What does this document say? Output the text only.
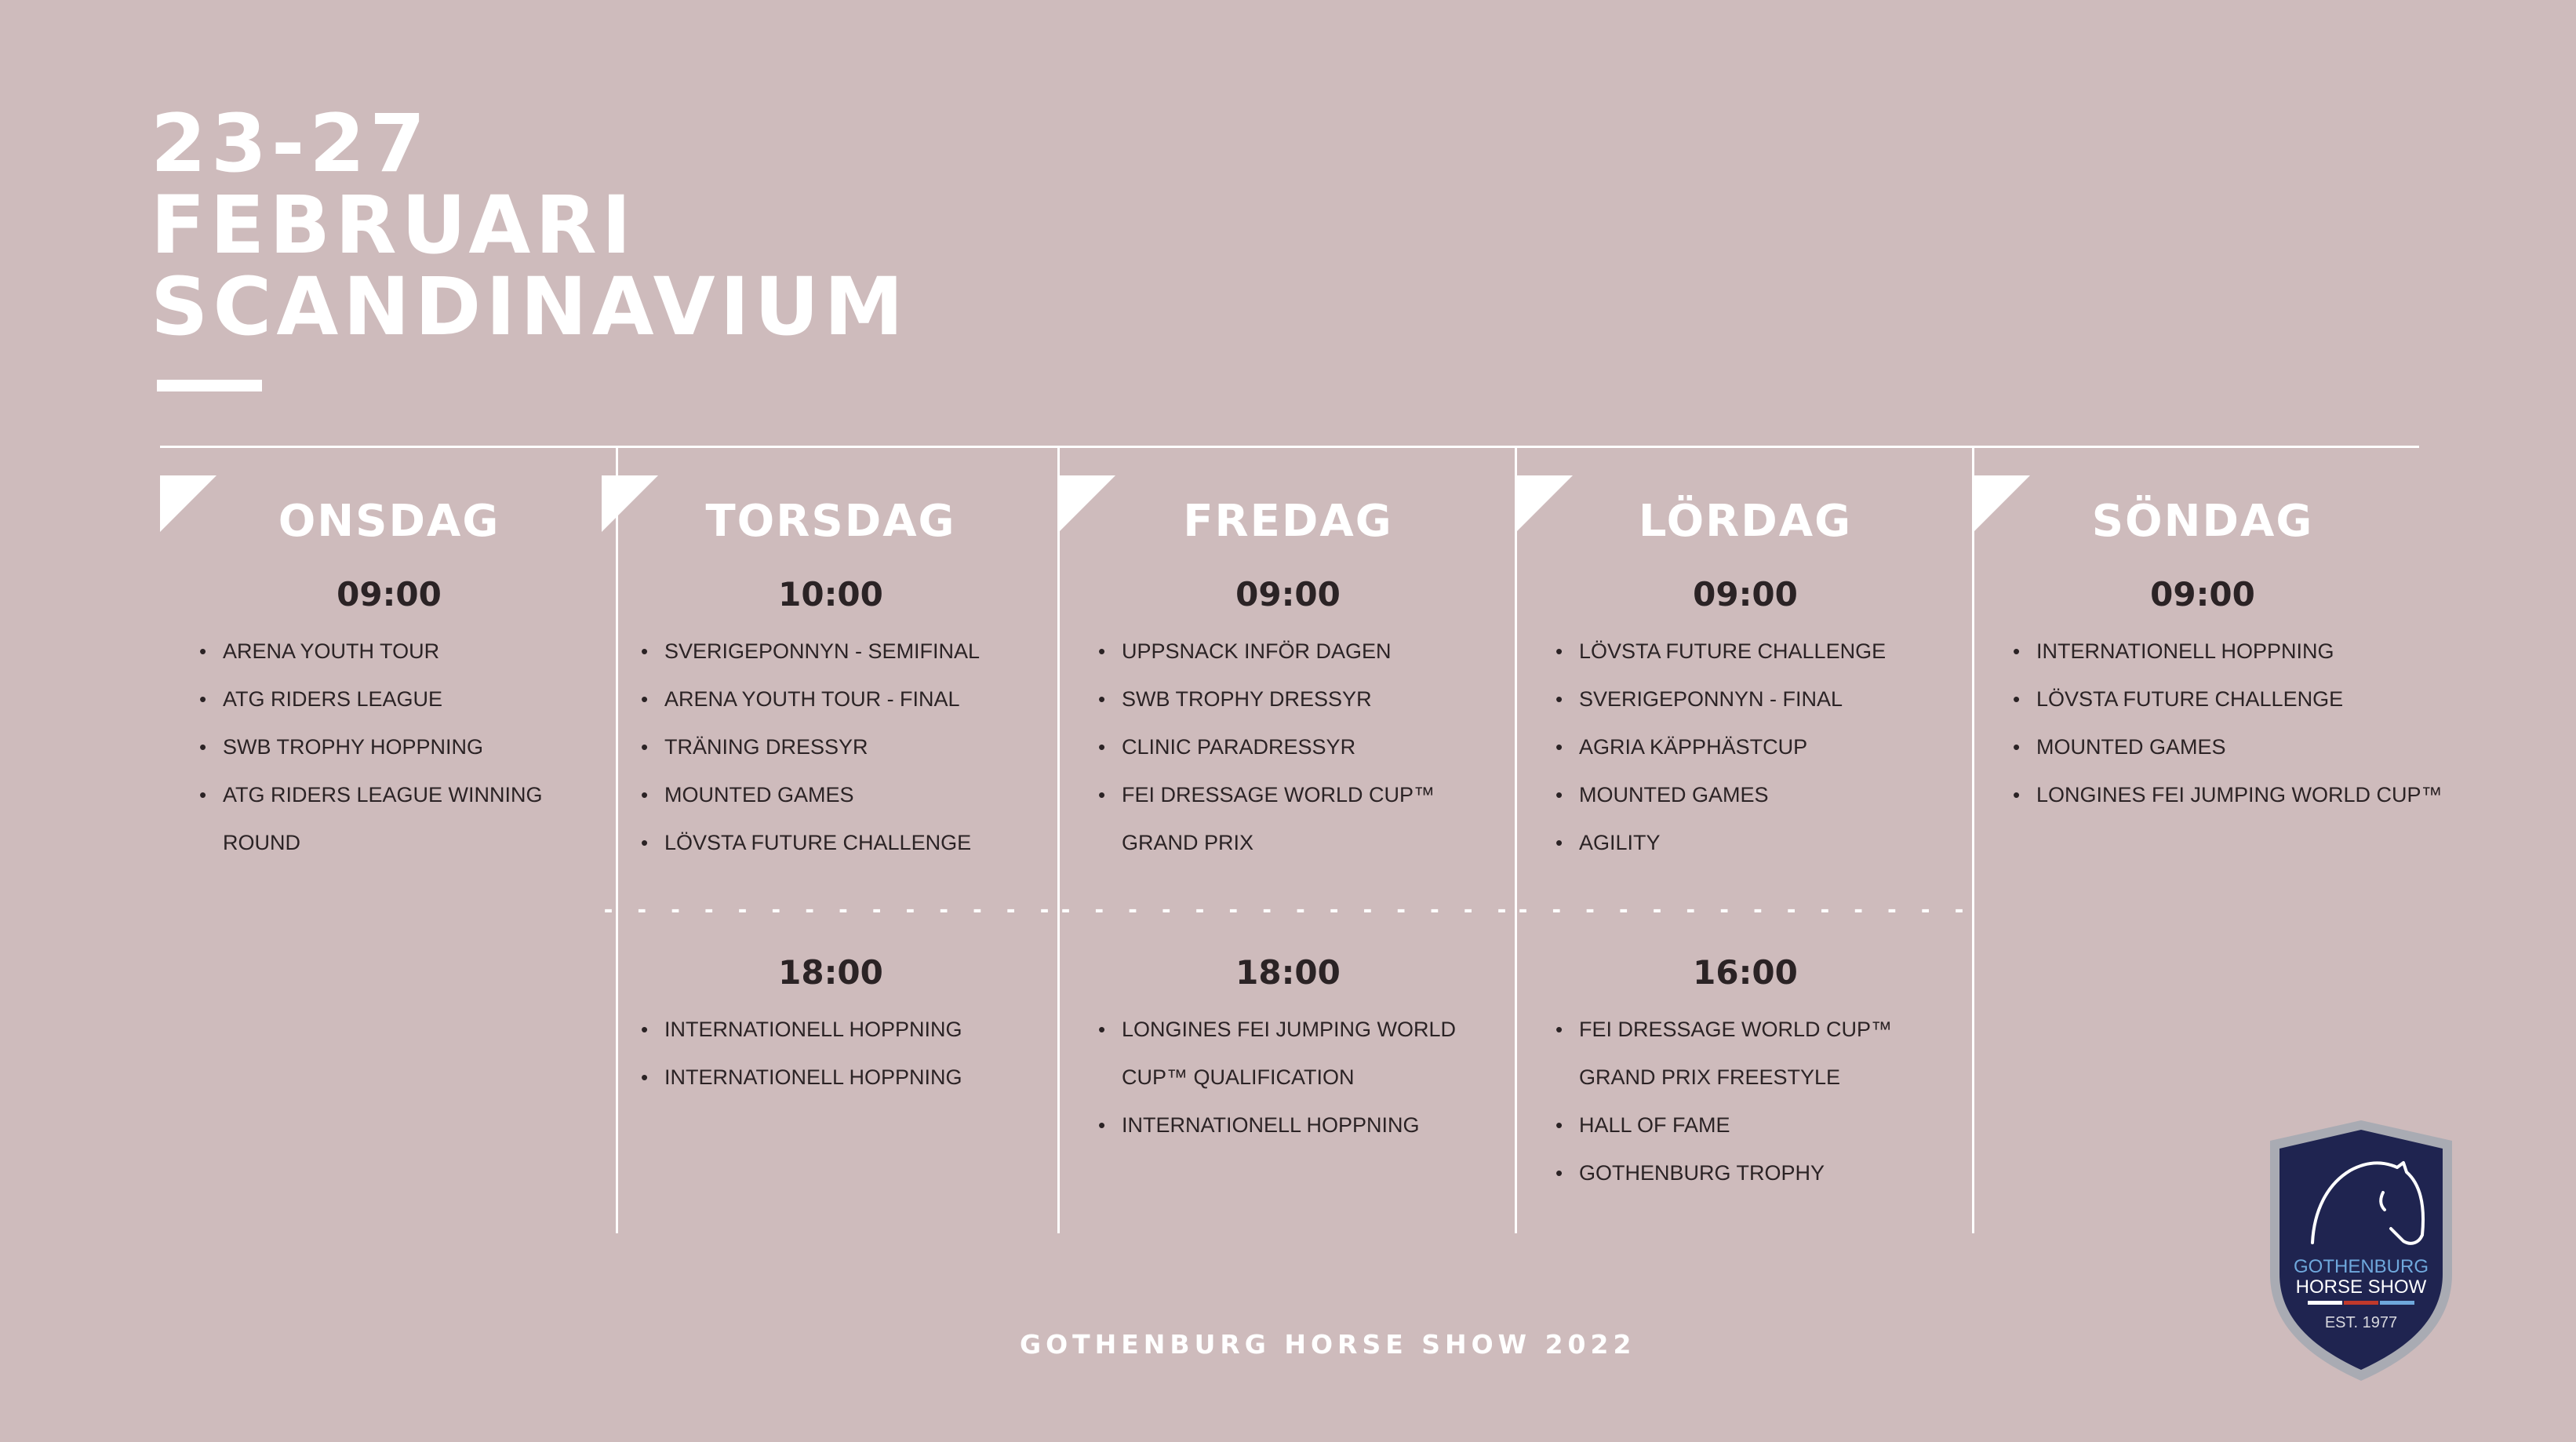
23-27
FEBRUARI
SCANDINAVIUM
ONSDAG
09:00
• ARENA YOUTH TOUR
• ATG RIDERS LEAGUE
• SWB TROPHY HOPPNING
• ATG RIDERS LEAGUE WINNING
ROUND
TORSDAG
10:00
• SVERIGEPONNYN - SEMIFINAL
• ARENA YOUTH TOUR - FINAL
• TRÄNING DRESSYR
• MOUNTED GAMES
• LÖVSTA FUTURE CHALLENGE
- - - - - - - - - - - - - -
18:00
• INTERNATIONELL HOPPNING
• INTERNATIONELL HOPPNING
FREDAG
09:00
• UPPSNACK INFÖR DAGEN
• SWB TROPHY DRESSYR
• CLINIC PARADRESSYR
• FEI DRESSAGE WORLD CUP™
GRAND PRIX
- - - - - - - - - - - - - -
18:00
• LONGINES FEI JUMPING WORLD
CUP™ QUALIFICATION
• INTERNATIONELL HOPPNING
LÖRDAG
09:00
• LÖVSTA FUTURE CHALLENGE
• SVERIGEPONNYN - FINAL
• AGRIA KÄPPHÄSTCUP
• MOUNTED GAMES
• AGILITY
- - - - - - - - - - - - - -
16:00
• FEI DRESSAGE WORLD CUP™
GRAND PRIX FREESTYLE
• HALL OF FAME
• GOTHENBURG TROPHY
SÖNDAG
09:00
• INTERNATIONELL HOPPNING
• LÖVSTA FUTURE CHALLENGE
• MOUNTED GAMES
• LONGINES FEI JUMPING WORLD CUP™
GOTHENBURG HORSE SHOW 2022
GOTHENBURG
HORSE SHOW
EST. 1977
